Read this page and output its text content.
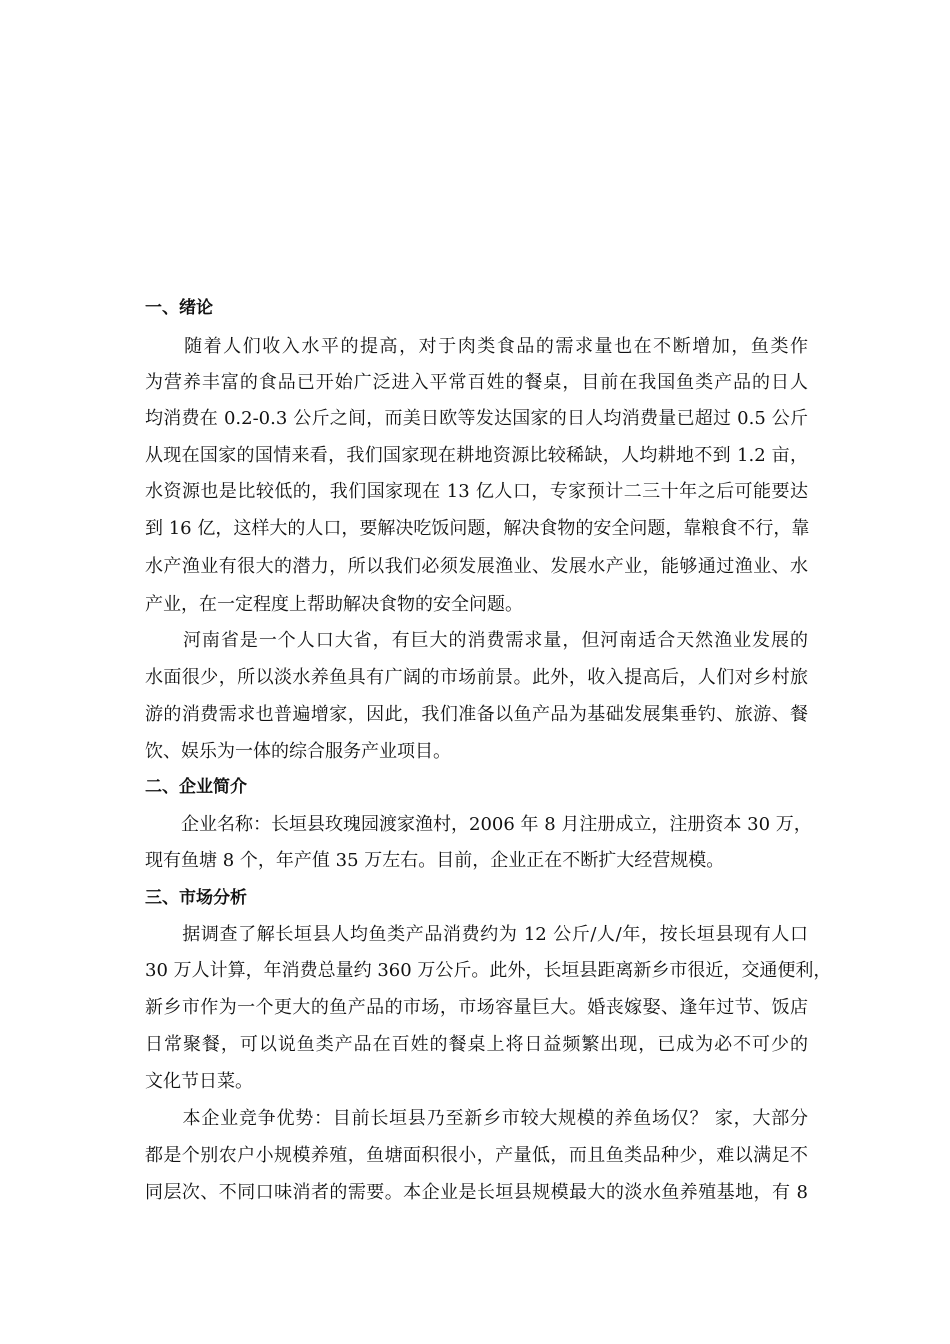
一、绪论
　　随着人们收入水平的提高，对于肉类食品的需求量也在不断增加，鱼类作
为营养丰富的食品已开始广泛进入平常百姓的餐桌，目前在我国鱼类产品的日人
均消费在 0.2-0.3 公斤之间，而美日欧等发达国家的日人均消费量已超过 0.5 公斤
从现在国家的国情来看，我们国家现在耕地资源比较稀缺，人均耕地不到 1.2 亩，
水资源也是比较低的，我们国家现在 13 亿人口，专家预计二三十年之后可能要达
到 16 亿，这样大的人口，要解决吃饭问题，解决食物的安全问题，靠粮食不行，靠
水产渔业有很大的潜力，所以我们必须发展渔业、发展水产业，能够通过渔业、水
产业，在一定程度上帮助解决食物的安全问题。
　　河南省是一个人口大省，有巨大的消费需求量，但河南适合天然渔业发展的
水面很少，所以淡水养鱼具有广阔的市场前景。此外，收入提高后，人们对乡村旅
游的消费需求也普遍增家，因此，我们准备以鱼产品为基础发展集垂钓、旅游、餐
饮、娱乐为一体的综合服务产业项目。
二、企业简介
　　企业名称：长垣县玫瑰园渡家渔村，2006 年 8 月注册成立，注册资本 30 万，
现有鱼塘 8 个，年产值 35 万左右。目前，企业正在不断扩大经营规模。
三、市场分析
　　据调查了解长垣县人均鱼类产品消费约为 12 公斤/人/年，按长垣县现有人口
30 万人计算，年消费总量约 360 万公斤。此外，长垣县距离新乡市很近，交通便利，
新乡市作为一个更大的鱼产品的市场，市场容量巨大。婚丧嫁娶、逢年过节、饭店
日常聚餐，可以说鱼类产品在百姓的餐桌上将日益频繁出现，已成为必不可少的
文化节日菜。
　　本企业竞争优势：目前长垣县乃至新乡市较大规模的养鱼场仅？ 家，大部分
都是个别农户小规模养殖，鱼塘面积很小，产量低，而且鱼类品种少，难以满足不
同层次、不同口味消者的需要。本企业是长垣县规模最大的淡水鱼养殖基地，有 8
